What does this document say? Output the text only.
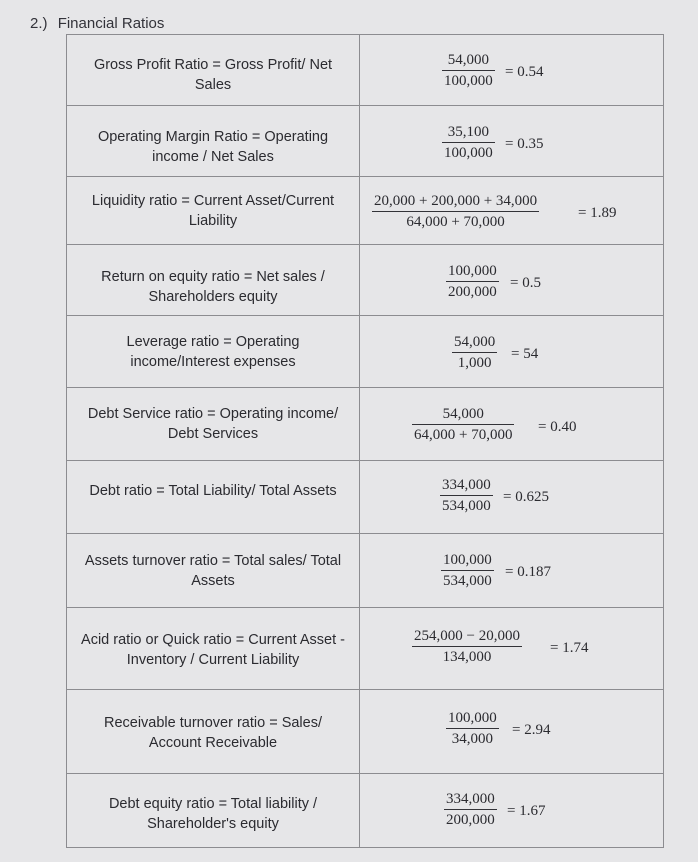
2.) Financial Ratios
Gross Profit Ratio = Gross Profit/ Net Sales
54,000
100,000
= 0.54
Operating Margin Ratio = Operating income / Net Sales
35,100
100,000
= 0.35
Liquidity ratio = Current Asset/Current Liability
20,000 + 200,000 + 34,000
64,000 + 70,000
= 1.89
Return on equity ratio = Net sales / Shareholders equity
100,000
200,000
= 0.5
Leverage ratio = Operating income/Interest expenses
54,000
1,000
= 54
Debt Service ratio = Operating income/ Debt Services
54,000
64,000 + 70,000
= 0.40
Debt ratio = Total Liability/ Total Assets	334,000
534,000
= 0.625
Assets turnover ratio = Total sales/ Total Assets
100,000
534,000
= 0.187
Acid ratio or Quick ratio = Current Asset - Inventory / Current Liability
254,000 − 20,000
134,000
= 1.74
Receivable turnover ratio = Sales/ Account Receivable
100,000
34,000
= 2.94
Debt equity ratio = Total liability / Shareholder's equity
334,000
200,000
= 1.67
